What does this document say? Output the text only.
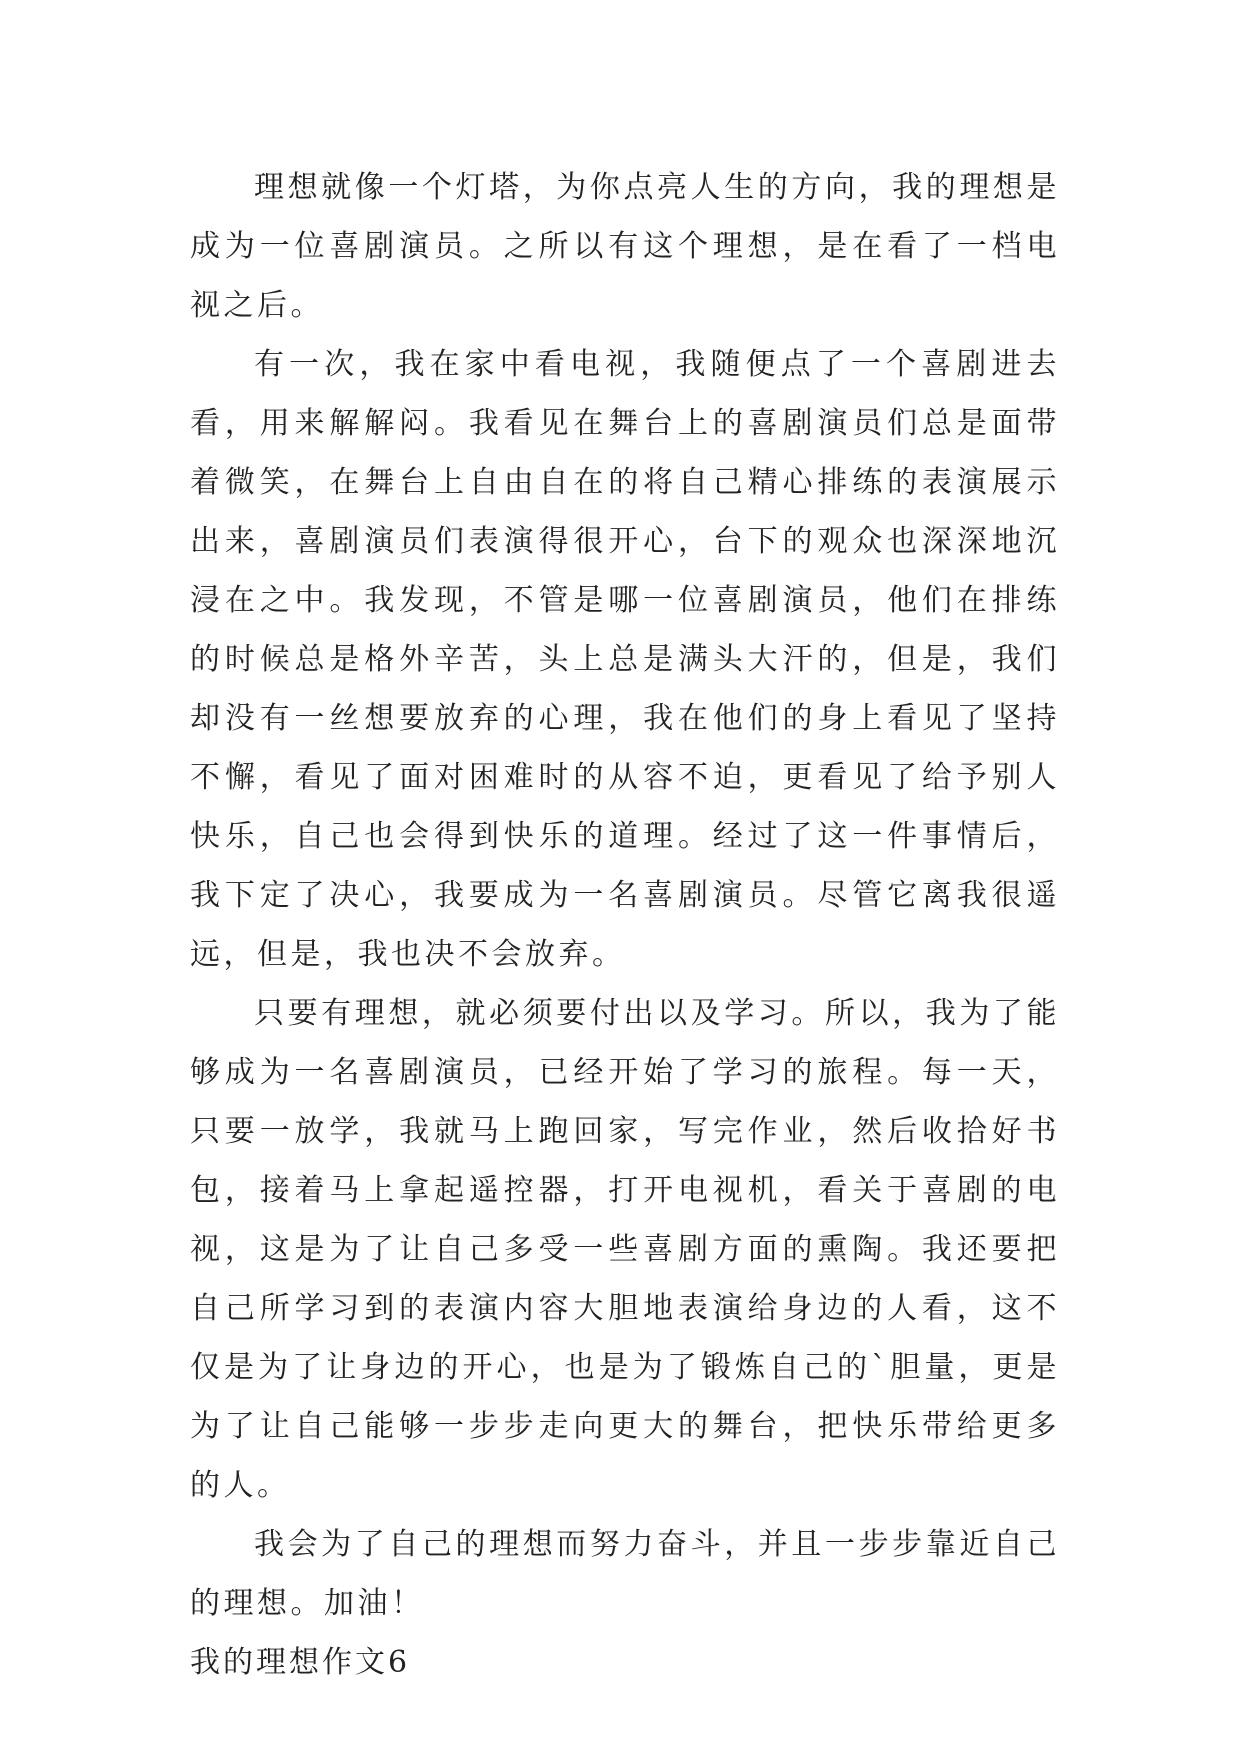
理想就像一个灯塔，为你点亮人生的方向，我的理想是成为一位喜剧演员。之所以有这个理想，是在看了一档电视之后。

有一次，我在家中看电视，我随便点了一个喜剧进去看，用来解解闷。我看见在舞台上的喜剧演员们总是面带着微笑，在舞台上自由自在的将自己精心排练的表演展示出来，喜剧演员们表演得很开心，台下的观众也深深地沉浸在之中。我发现，不管是哪一位喜剧演员，他们在排练的时候总是格外辛苦，头上总是满头大汗的，但是，我们却没有一丝想要放弃的心理，我在他们的身上看见了坚持不懈，看见了面对困难时的从容不迫，更看见了给予别人快乐，自己也会得到快乐的道理。经过了这一件事情后，我下定了决心，我要成为一名喜剧演员。尽管它离我很遥远，但是，我也决不会放弃。

只要有理想，就必须要付出以及学习。所以，我为了能够成为一名喜剧演员，已经开始了学习的旅程。每一天，只要一放学，我就马上跑回家，写完作业，然后收拾好书包，接着马上拿起遥控器，打开电视机，看关于喜剧的电视，这是为了让自己多受一些喜剧方面的熏陶。我还要把自己所学习到的表演内容大胆地表演给身边的人看，这不仅是为了让身边的开心，也是为了锻炼自己的`胆量，更是为了让自己能够一步步走向更大的舞台，把快乐带给更多的人。

我会为了自己的理想而努力奋斗，并且一步步靠近自己的理想。加油！

我的理想作文6
